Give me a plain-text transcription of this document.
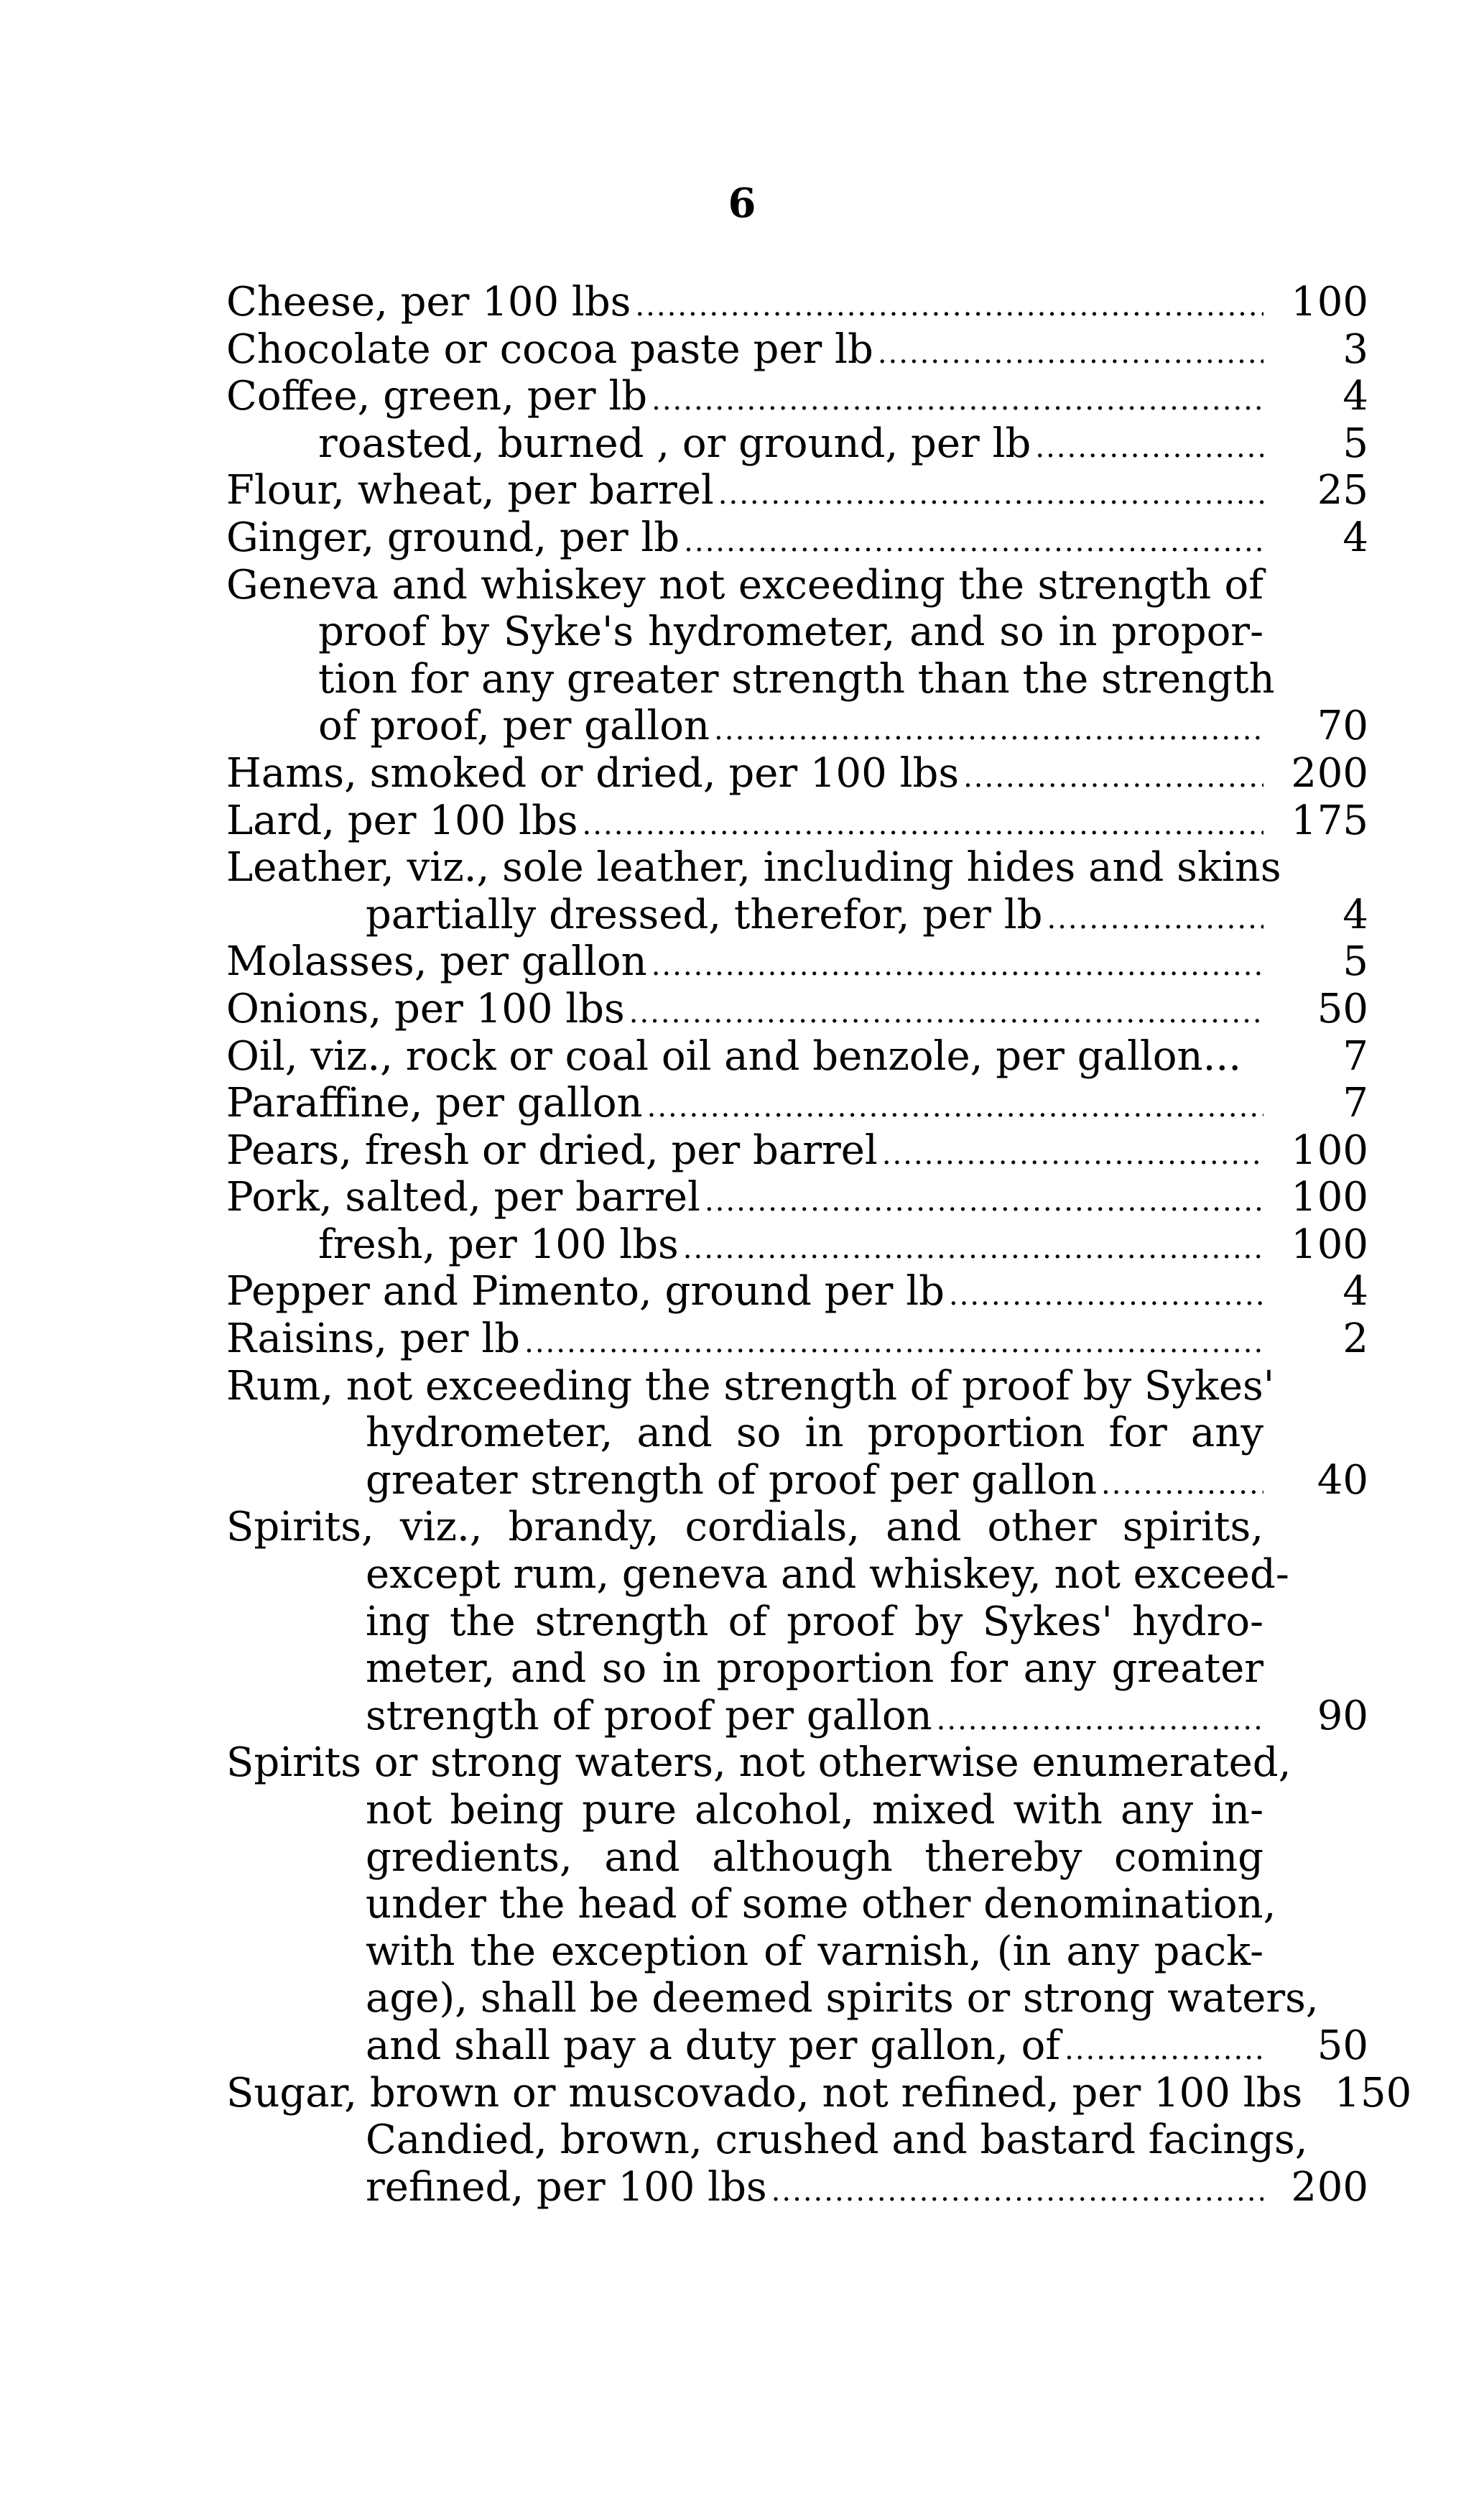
6
Cheese, per 100 lbs .....	1 00
Chocolate or cocoa paste per lb .....	3
Coffee, green, per lb .....	4
roasted, burned , or ground, per lb .....	5
Flour, wheat, per barrel .....	25
Ginger, ground, per lb .....	4
Geneva and whiskey not exceeding the strength of
proof by Syke's hydrometer, and so in propor-
tion for any greater strength than the strength
of proof, per gallon .....	70
Hams, smoked or dried, per 100 lbs .....	2 00
Lard, per 100 lbs .....	1 75
Leather, viz., sole leather, including hides and skins
partially dressed, therefor, per lb .....	4
Molasses, per gallon .....	5
Onions, per 100 lbs .....	50
Oil, viz., rock or coal oil and benzole, per gallon...	7
Paraffine, per gallon .....	7
Pears, fresh or dried, per barrel .....	1 00
Pork, salted, per barrel .....	1 00
fresh, per 100 lbs .....	1 00
Pepper and Pimento, ground per lb .....	4
Raisins, per lb .....	2
Rum, not exceeding the strength of proof by Sykes'
hydrometer, and so in proportion for any
greater strength of proof per gallon .....	40
Spirits, viz., brandy, cordials, and other spirits,
except rum, geneva and whiskey, not exceed-
ing the strength of proof by Sykes' hydro-
meter, and so in proportion for any greater
strength of proof per gallon .....	90
Spirits or strong waters, not otherwise enumerated,
not being pure alcohol, mixed with any in-
gredients, and although thereby coming
under the head of some other denomination,
with the exception of varnish, (in any pack-
age), shall be deemed spirits or strong waters,
and shall pay a duty per gallon, of .....	50
Sugar, brown or muscovado, not refined, per 100 lbs 1 50
Candied, brown, crushed and bastard facings,
refined, per 100 lbs .....	2 00
